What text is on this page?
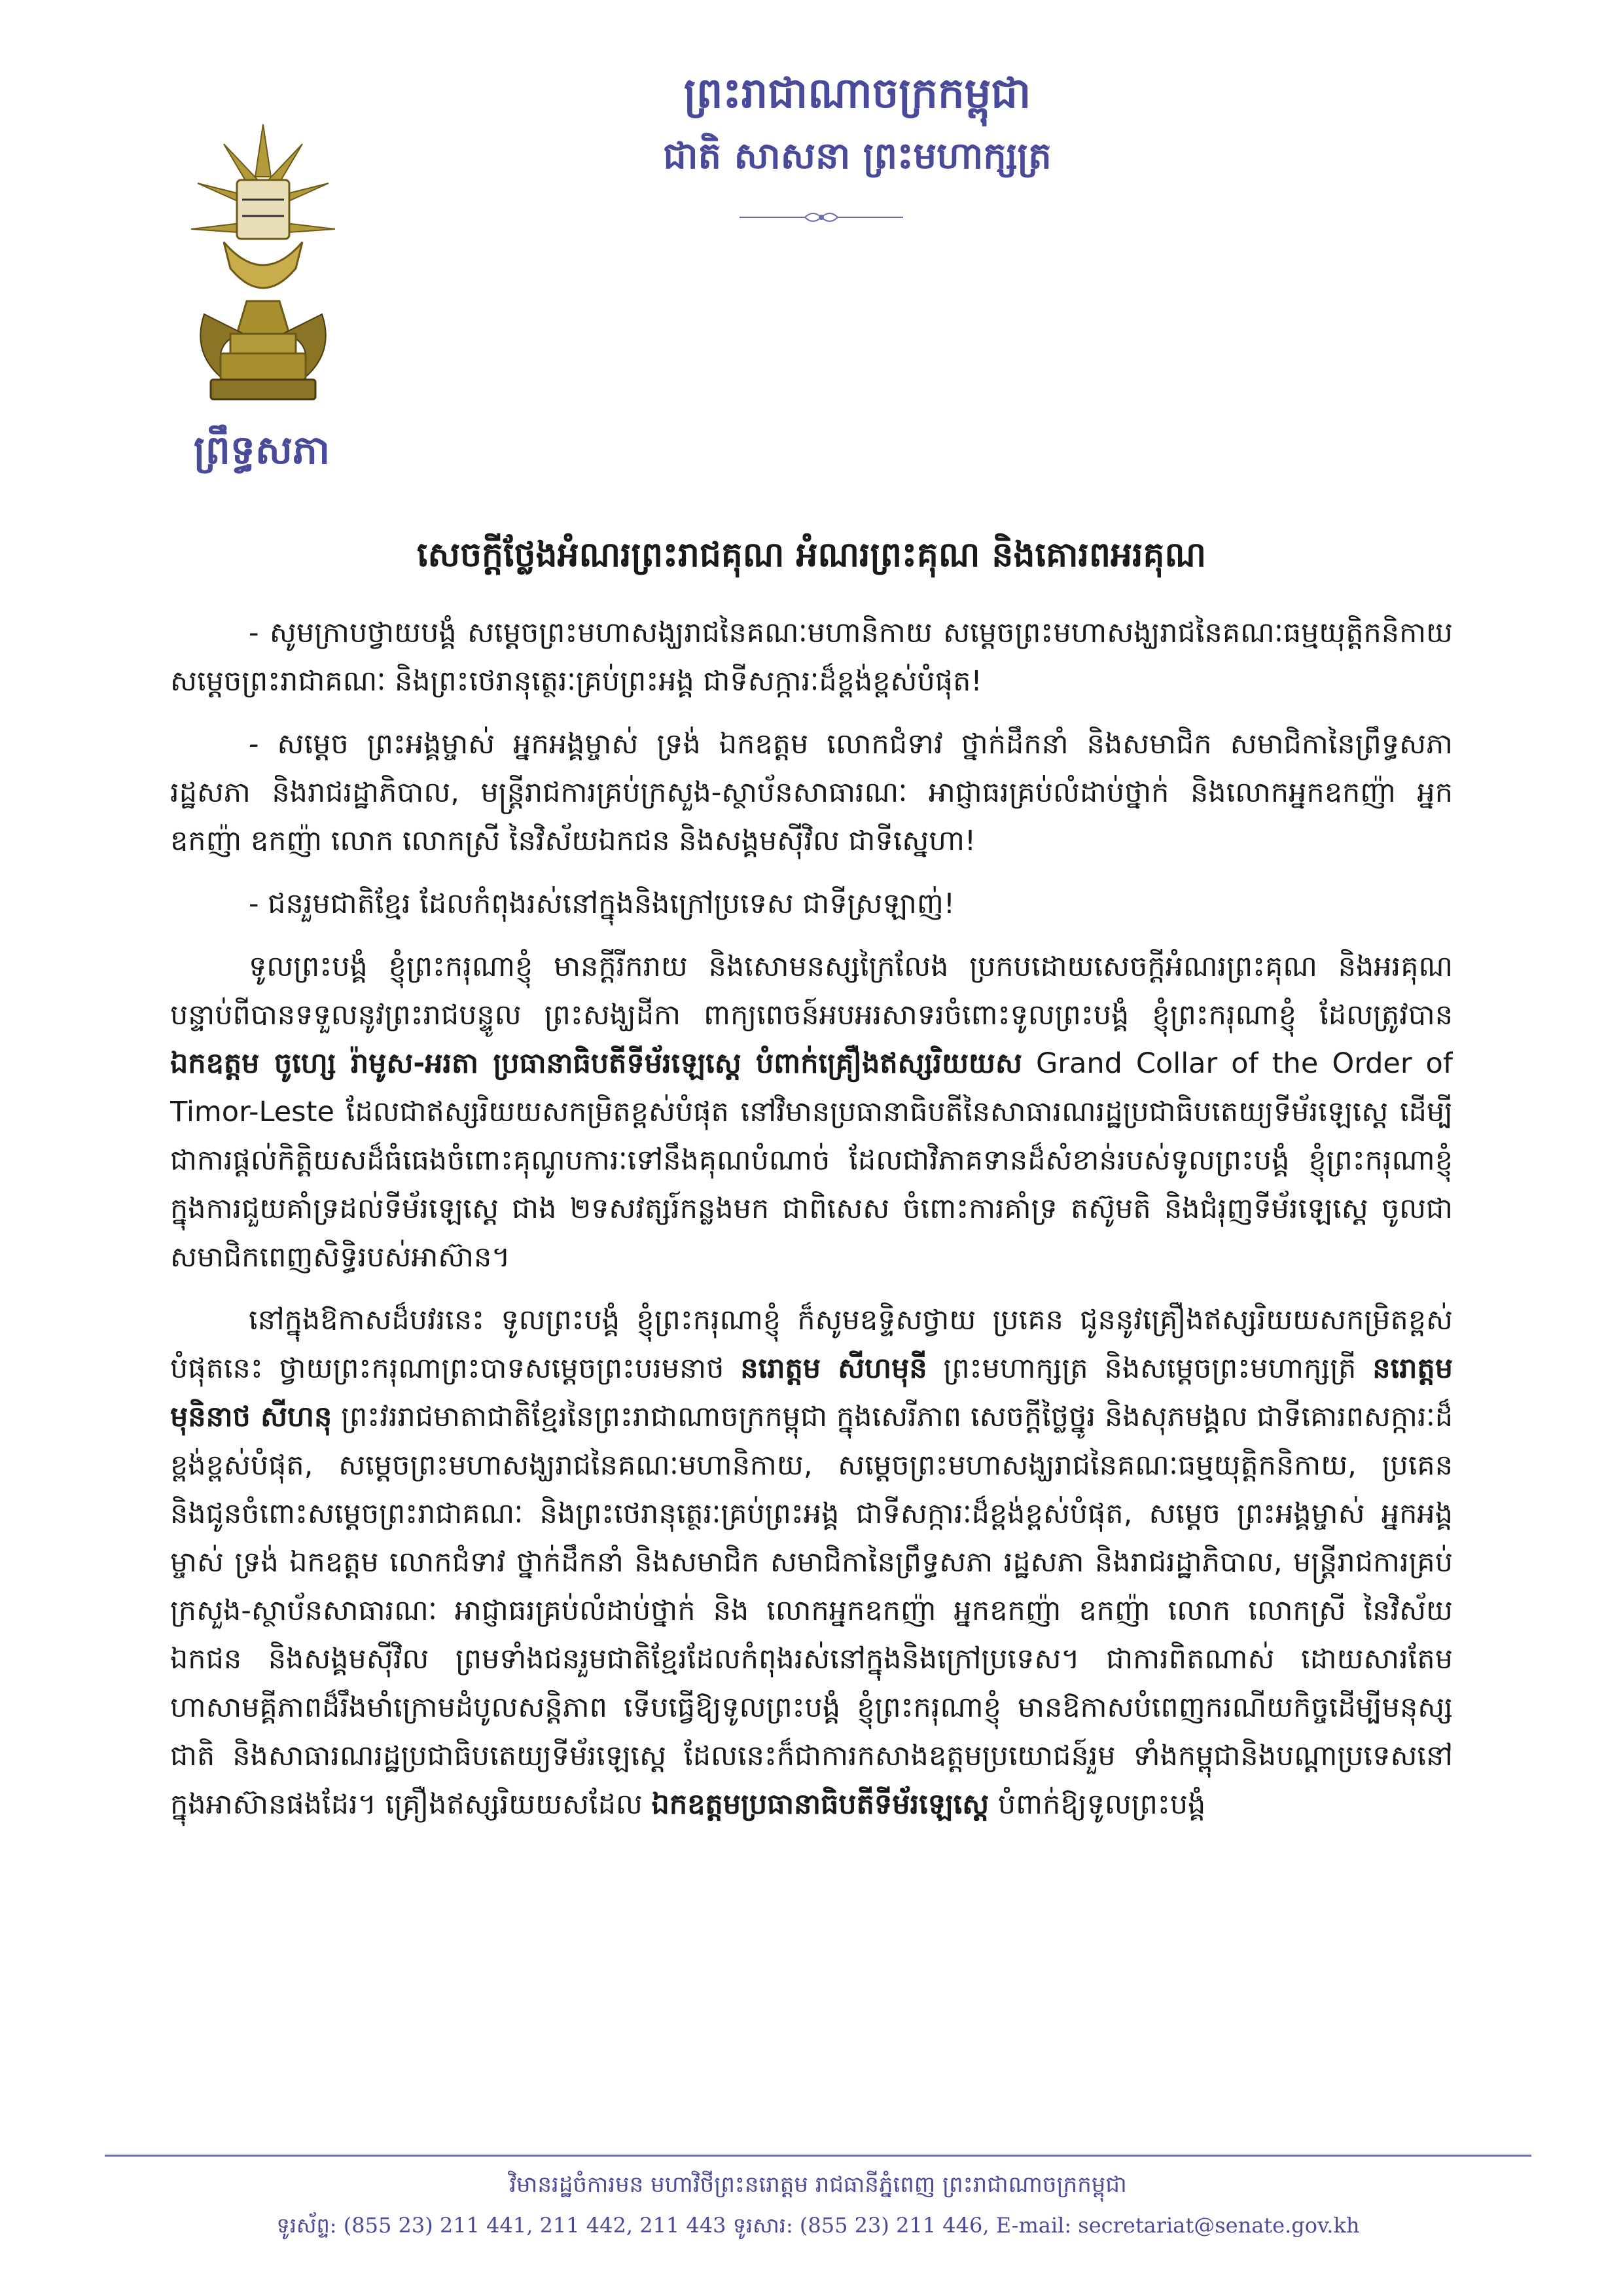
ព្រះរាជាណាចក្រកម្ពុជា
ជាតិ សាសនា ព្រះមហាក្សត្រ
ព្រឹទ្ធសភា
សេចក្ដីថ្លែងអំណរព្រះរាជគុណ អំណរព្រះគុណ និងគោរពអរគុណ

- សូមក្រាបថ្វាយបង្គំ សម្ដេចព្រះមហាសង្ឃរាជនៃគណៈមហានិកាយ សម្ដេចព្រះមហាសង្ឃរាជនៃគណៈធម្មយុត្តិកនិកាយ សម្ដេចព្រះរាជាគណៈ និងព្រះថេរានុត្ថេរៈគ្រប់ព្រះអង្គ ជាទីសក្ការៈដ៏ខ្ពង់ខ្ពស់បំផុត!

- សម្ដេច ព្រះអង្គម្ចាស់ អ្នកអង្គម្ចាស់ ទ្រង់ ឯកឧត្ដម លោកជំទាវ ថ្នាក់ដឹកនាំ និងសមាជិក សមាជិកានៃព្រឹទ្ធសភា រដ្ឋសភា និងរាជរដ្ឋាភិបាល, មន្ត្រីរាជការគ្រប់ក្រសួង-ស្ថាប័នសាធារណៈ អាជ្ញាធរគ្រប់លំដាប់ថ្នាក់ និងលោកអ្នកឧកញ៉ា អ្នកឧកញ៉ា ឧកញ៉ា លោក លោកស្រី នៃវិស័យឯកជន និងសង្គមស៊ីវិល ជាទីស្នេហា!

- ជនរួមជាតិខ្មែរ ដែលកំពុងរស់នៅក្នុងនិងក្រៅប្រទេស ជាទីស្រឡាញ់!

ទូលព្រះបង្គំ ខ្ញុំព្រះករុណាខ្ញុំ មានក្ដីរីករាយ និងសោមនស្សក្រៃលែង ប្រកបដោយសេចក្ដីអំណរព្រះគុណ និងអរគុណ បន្ទាប់ពីបានទទួលនូវព្រះរាជបន្ទូល ព្រះសង្ឃដីកា ពាក្យពេចន៍អបអរសាទរចំពោះទូលព្រះបង្គំ ខ្ញុំព្រះករុណាខ្ញុំ ដែលត្រូវបាន ឯកឧត្ដម ចូហ្សេ រ៉ាមូស-អរតា ប្រធានាធិបតីទីម័រឡេស្ដេ បំពាក់គ្រឿងឥស្សរិយយស Grand Collar of the Order of Timor-Leste ដែលជាឥស្សរិយយសកម្រិតខ្ពស់បំផុត នៅវិមានប្រធានាធិបតីនៃសាធារណរដ្ឋប្រជាធិបតេយ្យទីម័រឡេស្ដេ ដើម្បីជាការផ្ដល់កិត្តិយសដ៏ធំធេងចំពោះគុណូបការៈទៅនឹងគុណបំណាច់ ដែលជាវិភាគទានដ៏សំខាន់របស់ទូលព្រះបង្គំ ខ្ញុំព្រះករុណាខ្ញុំ ក្នុងការជួយគាំទ្រដល់ទីម័រឡេស្ដេ ជាង ២ទសវត្សរ៍កន្លងមក ជាពិសេស ចំពោះការគាំទ្រ តស៊ូមតិ និងជំរុញទីម័រឡេស្ដេ ចូលជាសមាជិកពេញសិទ្ធិរបស់អាស៊ាន។

នៅក្នុងឱកាសដ៏បវរនេះ ទូលព្រះបង្គំ ខ្ញុំព្រះករុណាខ្ញុំ ក៏សូមឧទ្ទិសថ្វាយ ប្រគេន ជូននូវគ្រឿងឥស្សរិយយសកម្រិតខ្ពស់បំផុតនេះ ថ្វាយព្រះករុណាព្រះបាទសម្ដេចព្រះបរមនាថ នរោត្តម សីហមុនី ព្រះមហាក្សត្រ និងសម្ដេចព្រះមហាក្សត្រី នរោត្តម មុនិនាថ សីហនុ ព្រះវររាជមាតាជាតិខ្មែរនៃព្រះរាជាណាចក្រកម្ពុជា ក្នុងសេរីភាព សេចក្ដីថ្លៃថ្នូរ និងសុភមង្គល ជាទីគោរពសក្ការៈដ៏ខ្ពង់ខ្ពស់បំផុត, សម្ដេចព្រះមហាសង្ឃរាជនៃគណៈមហានិកាយ, សម្ដេចព្រះមហាសង្ឃរាជនៃគណៈធម្មយុត្តិកនិកាយ, ប្រគេន និងជូនចំពោះសម្ដេចព្រះរាជាគណៈ និងព្រះថេរានុត្ថេរៈគ្រប់ព្រះអង្គ ជាទីសក្ការៈដ៏ខ្ពង់ខ្ពស់បំផុត, សម្ដេច ព្រះអង្គម្ចាស់ អ្នកអង្គម្ចាស់ ទ្រង់ ឯកឧត្ដម លោកជំទាវ ថ្នាក់ដឹកនាំ និងសមាជិក សមាជិកានៃព្រឹទ្ធសភា រដ្ឋសភា និងរាជរដ្ឋាភិបាល, មន្ត្រីរាជការគ្រប់ក្រសួង-ស្ថាប័នសាធារណៈ អាជ្ញាធរគ្រប់លំដាប់ថ្នាក់ និង លោកអ្នកឧកញ៉ា អ្នកឧកញ៉ា ឧកញ៉ា លោក លោកស្រី នៃវិស័យឯកជន និងសង្គមស៊ីវិល ព្រមទាំងជនរួមជាតិខ្មែរដែលកំពុងរស់នៅក្នុងនិងក្រៅប្រទេស។ ជាការពិតណាស់ ដោយសារតែមហាសាមគ្គីភាពដ៏រឹងមាំក្រោមដំបូលសន្តិភាព ទើបធ្វើឱ្យទូលព្រះបង្គំ ខ្ញុំព្រះករុណាខ្ញុំ មានឱកាសបំពេញករណីយកិច្ចដើម្បីមនុស្សជាតិ និងសាធារណរដ្ឋប្រជាធិបតេយ្យទីម័រឡេស្ដេ ដែលនេះក៏ជាការកសាងឧត្ដមប្រយោជន៍រួម ទាំងកម្ពុជានិងបណ្ដាប្រទេសនៅក្នុងអាស៊ានផងដែរ។ គ្រឿងឥស្សរិយយសដែល ឯកឧត្ដមប្រធានាធិបតីទីម័រឡេស្ដេ បំពាក់ឱ្យទូលព្រះបង្គំ

វិមានរដ្ឋចំការមន មហាវិថីព្រះនរោត្តម រាជធានីភ្នំពេញ ព្រះរាជាណាចក្រកម្ពុជា
ទូរស័ព្ទ: (855 23) 211 441, 211 442, 211 443 ទូរសារ: (855 23) 211 446, E-mail: secretariat@senate.gov.kh
